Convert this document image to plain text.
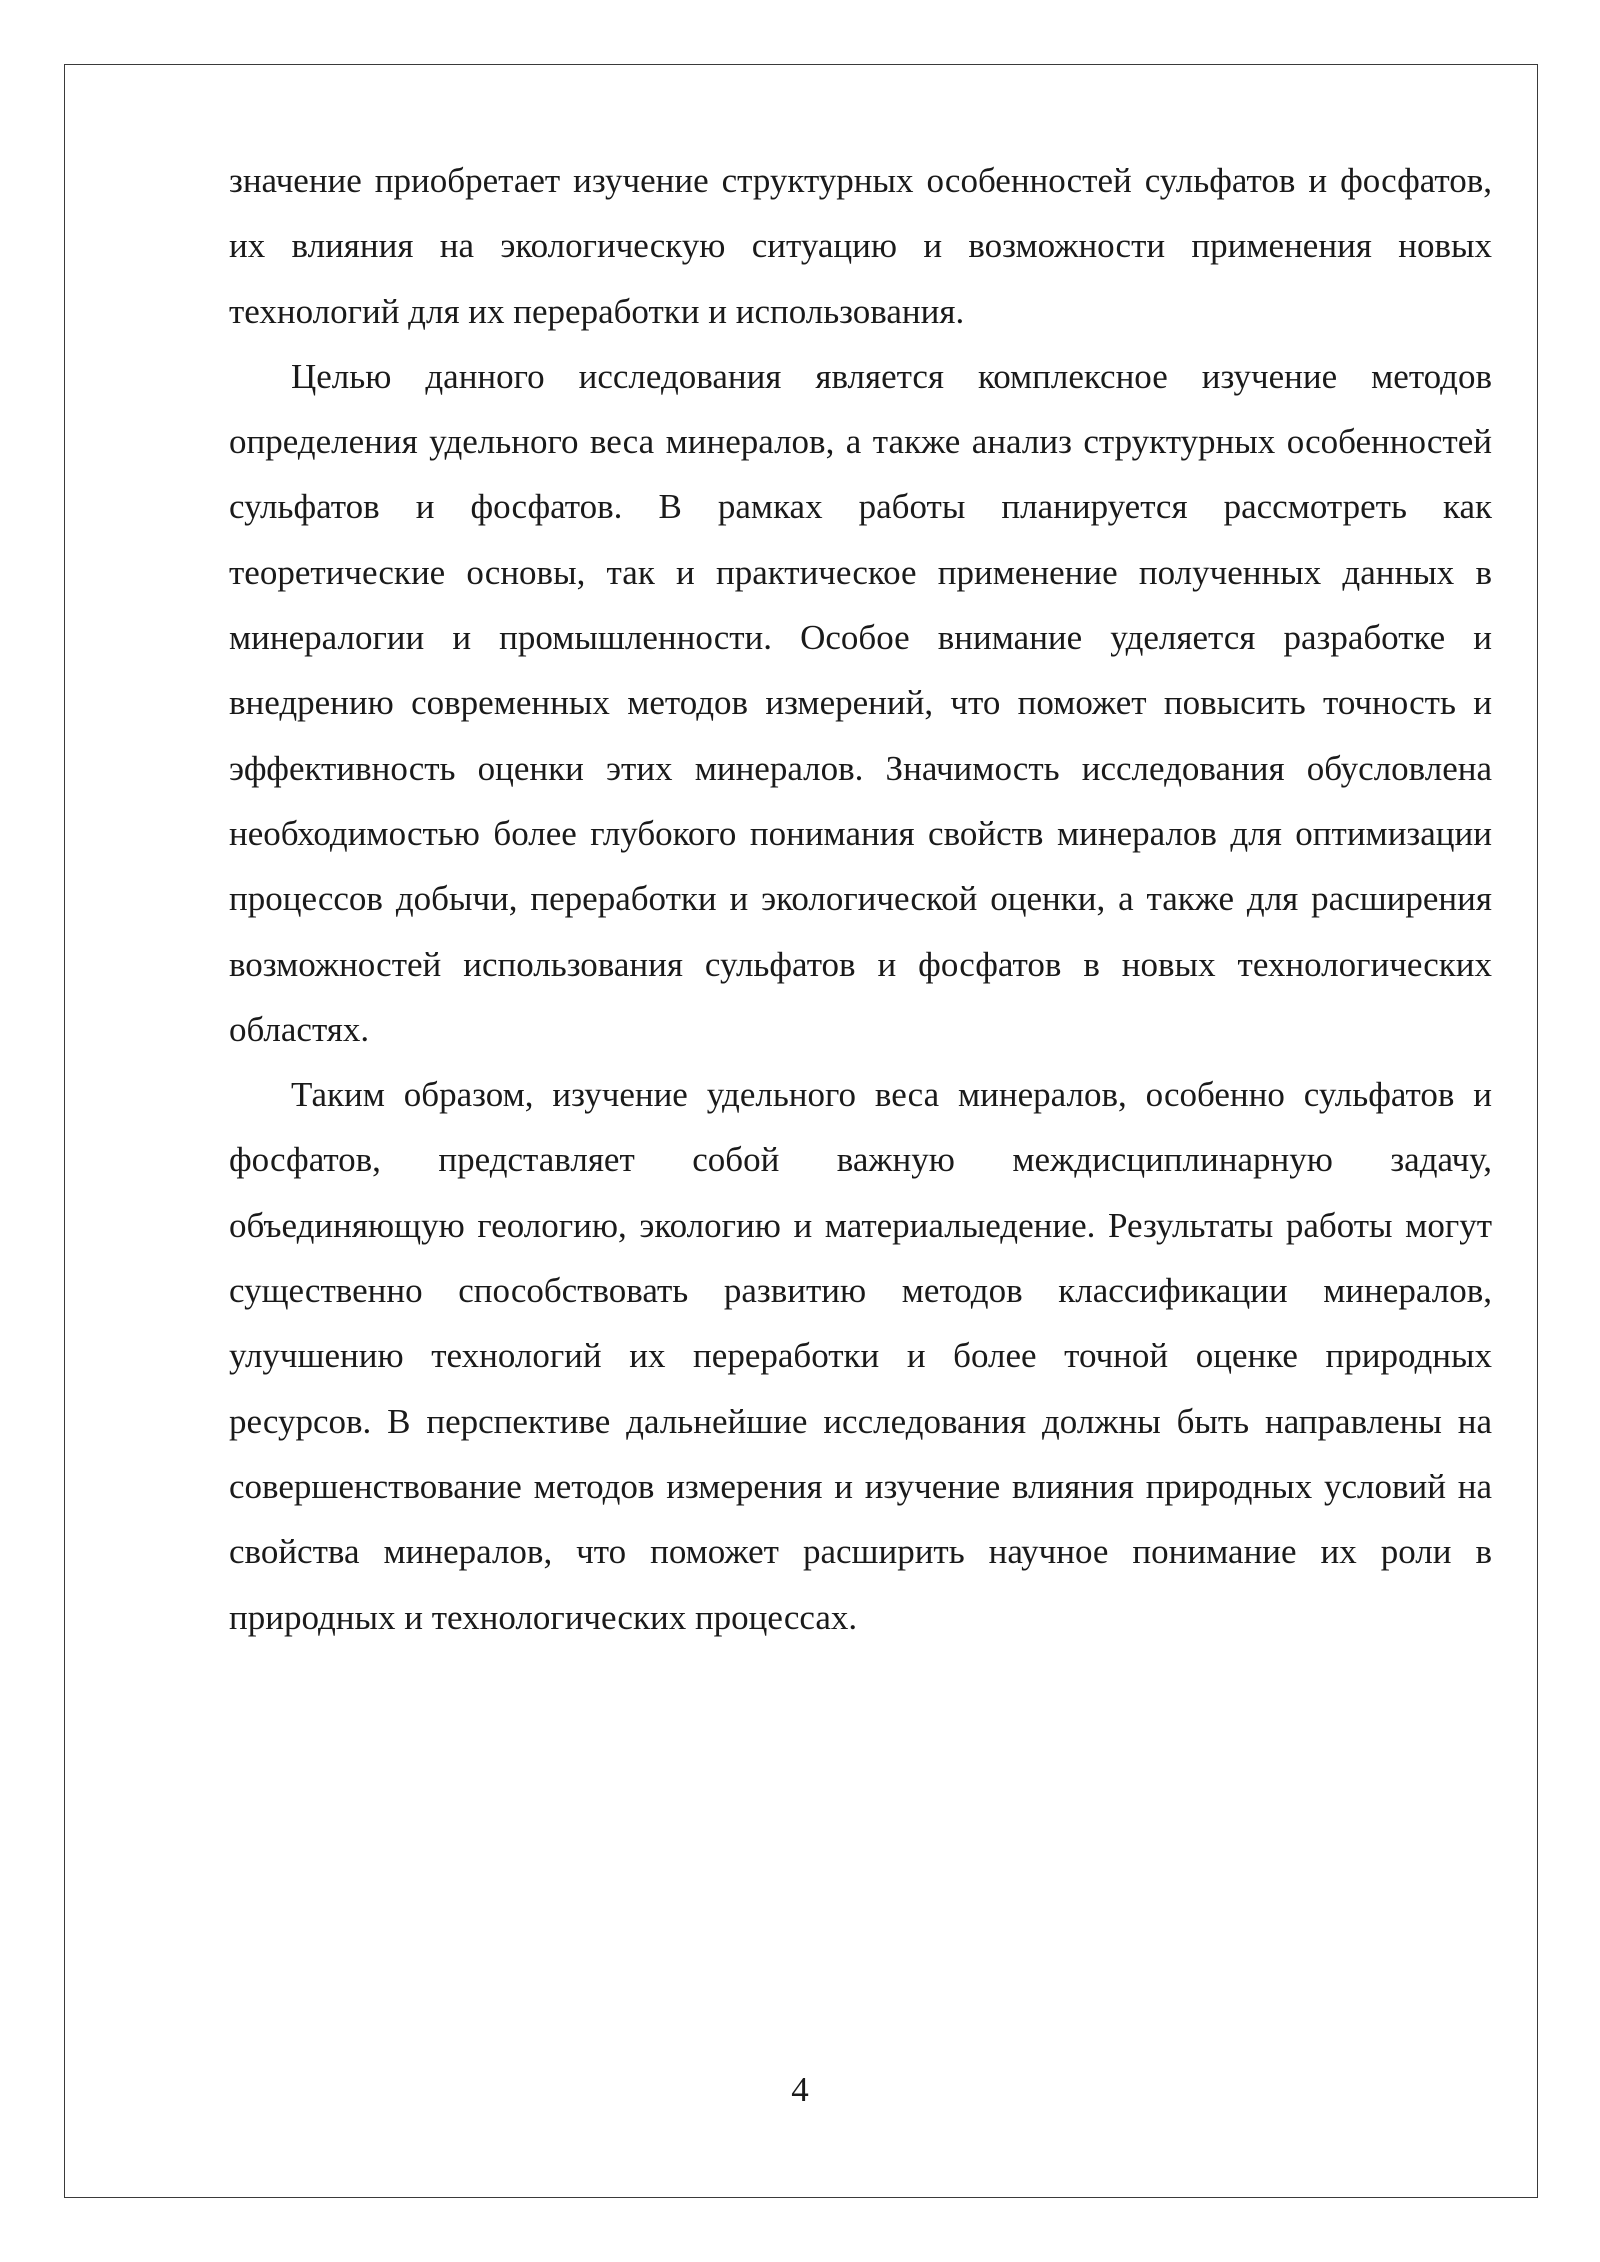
значение приобретает изучение структурных особенностей сульфатов и фосфатов, их влияния на экологическую ситуацию и возможности применения новых технологий для их переработки и использования.

Целью данного исследования является комплексное изучение методов определения удельного веса минералов, а также анализ структурных особенностей сульфатов и фосфатов. В рамках работы планируется рассмотреть как теоретические основы, так и практическое применение полученных данных в минералогии и промышленности. Особое внимание уделяется разработке и внедрению современных методов измерений, что поможет повысить точность и эффективность оценки этих минералов. Значимость исследования обусловлена необходимостью более глубокого понимания свойств минералов для оптимизации процессов добычи, переработки и экологической оценки, а также для расширения возможностей использования сульфатов и фосфатов в новых технологических областях.

Таким образом, изучение удельного веса минералов, особенно сульфатов и фосфатов, представляет собой важную междисциплинарную задачу, объединяющую геологию, экологию и материалыедение. Результаты работы могут существенно способствовать развитию методов классификации минералов, улучшению технологий их переработки и более точной оценке природных ресурсов. В перспективе дальнейшие исследования должны быть направлены на совершенствование методов измерения и изучение влияния природных условий на свойства минералов, что поможет расширить научное понимание их роли в природных и технологических процессах.

4
